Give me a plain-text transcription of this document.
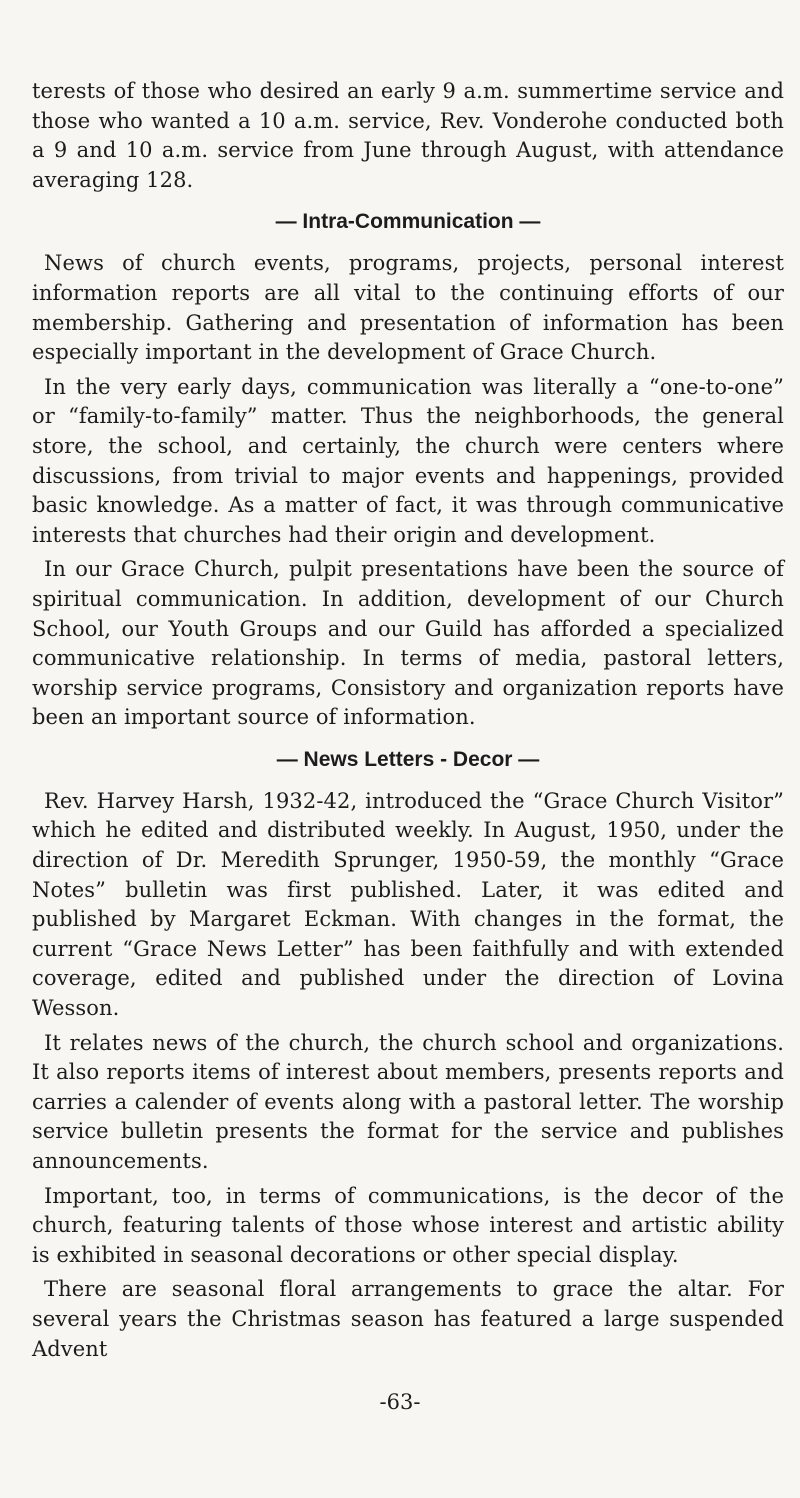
terests of those who desired an early 9 a.m. summertime service and those who wanted a 10 a.m. service, Rev. Vonderohe conducted both a 9 and 10 a.m. service from June through August, with attendance averaging 128.

— Intra-Communication —

News of church events, programs, projects, personal interest information reports are all vital to the continuing efforts of our membership. Gathering and presentation of information has been especially important in the development of Grace Church.

In the very early days, communication was literally a “one-to-one” or “family-to-family” matter. Thus the neighborhoods, the general store, the school, and certainly, the church were centers where discussions, from trivial to major events and happenings, provided basic knowledge. As a matter of fact, it was through communicative interests that churches had their origin and development.

In our Grace Church, pulpit presentations have been the source of spiritual communication. In addition, development of our Church School, our Youth Groups and our Guild has afforded a specialized communicative relationship. In terms of media, pastoral letters, worship service programs, Consistory and organization reports have been an important source of information.

— News Letters - Decor —

Rev. Harvey Harsh, 1932-42, introduced the “Grace Church Visitor” which he edited and distributed weekly. In August, 1950, under the direction of Dr. Meredith Sprunger, 1950-59, the monthly “Grace Notes” bulletin was first published. Later, it was edited and published by Margaret Eckman. With changes in the format, the current “Grace News Letter” has been faithfully and with extended coverage, edited and published under the direction of Lovina Wesson.

It relates news of the church, the church school and organizations. It also reports items of interest about members, presents reports and carries a calender of events along with a pastoral letter. The worship service bulletin presents the format for the service and publishes announcements.

Important, too, in terms of communications, is the decor of the church, featuring talents of those whose interest and artistic ability is exhibited in seasonal decorations or other special display.

There are seasonal floral arrangements to grace the altar. For several years the Christmas season has featured a large suspended Advent

-63-
